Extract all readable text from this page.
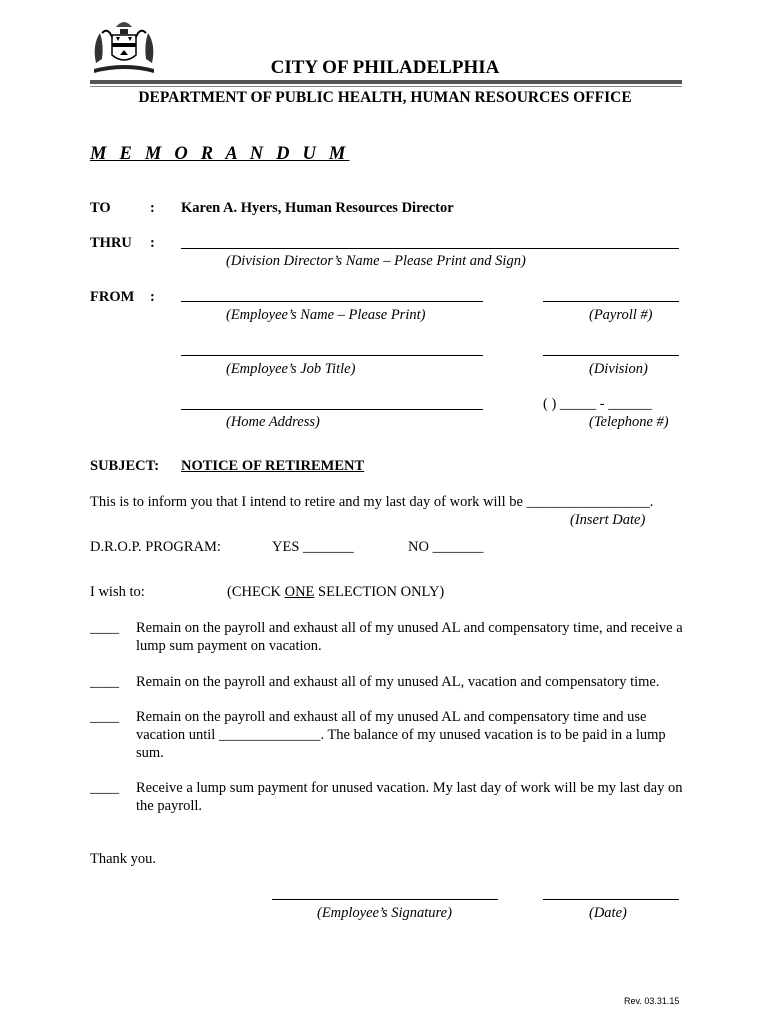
CITY OF PHILADELPHIA
DEPARTMENT OF PUBLIC HEALTH, HUMAN RESOURCES OFFICE
M E M O R A N D U M
TO	: Karen A. Hyers, Human Resources Director
THRU :
(Division Director’s Name – Please Print and Sign)
FROM :
(Employee’s Name – Please Print)	(Payroll #)
(Employee’s Job Title)	(Division)
( ) _____ - ______
(Home Address)	(Telephone #)
SUBJECT: NOTICE OF RETIREMENT
This is to inform you that I intend to retire and my last day of work will be _________________.
(Insert Date)
D.R.O.P. PROGRAM:	YES _______	NO _______
I wish to:	(CHECK ONE SELECTION ONLY)
____ Remain on the payroll and exhaust all of my unused AL and compensatory time, and receive a lump sum payment on vacation.
____ Remain on the payroll and exhaust all of my unused AL, vacation and compensatory time.
____ Remain on the payroll and exhaust all of my unused AL and compensatory time and use vacation until ______________. The balance of my unused vacation is to be paid in a lump sum.
____ Receive a lump sum payment for unused vacation. My last day of work will be my last day on the payroll.
Thank you.
(Employee’s Signature)	(Date)
Rev. 03.31.15
